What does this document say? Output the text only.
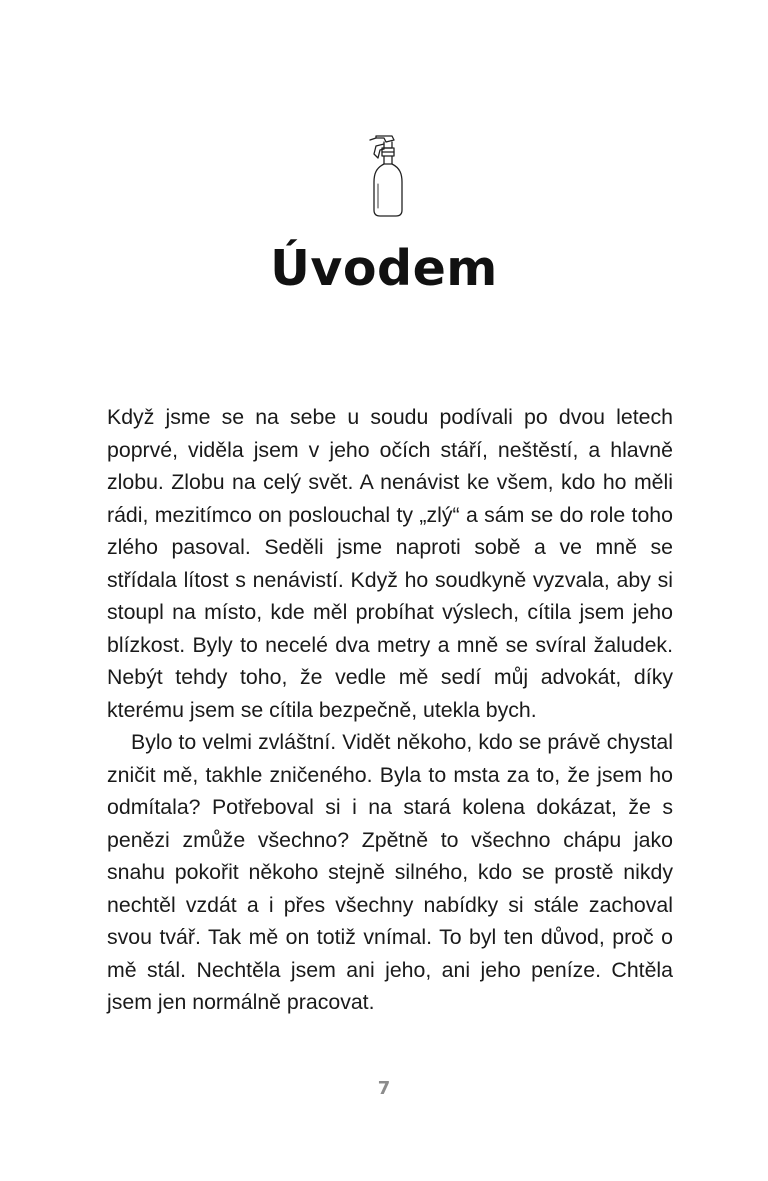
Úvodem

Když jsme se na sebe u soudu podívali po dvou letech poprvé, viděla jsem v jeho očích stáří, neštěstí, a hlavně zlobu. Zlobu na celý svět. A nenávist ke všem, kdo ho měli rádi, mezitímco on poslouchal ty „zlý“ a sám se do role toho zlého pasoval. Seděli jsme naproti sobě a ve mně se střídala lítost s nenávistí. Když ho soudkyně vyzvala, aby si stoupl na místo, kde měl probíhat výslech, cítila jsem jeho blízkost. Byly to necelé dva metry a mně se svíral žaludek. Nebýt tehdy toho, že vedle mě sedí můj advokát, díky kterému jsem se cítila bezpečně, utekla bych.

Bylo to velmi zvláštní. Vidět někoho, kdo se právě chystal zničit mě, takhle zničeného. Byla to msta za to, že jsem ho odmítala? Potřeboval si i na stará kolena dokázat, že s penězi zmůže všechno? Zpětně to všechno chápu jako snahu pokořit někoho stejně silného, kdo se prostě nikdy nechtěl vzdát a i přes všechny nabídky si stále zachoval svou tvář. Tak mě on totiž vnímal. To byl ten důvod, proč o mě stál. Nechtěla jsem ani jeho, ani jeho peníze. Chtěla jsem jen normálně pracovat.

7
